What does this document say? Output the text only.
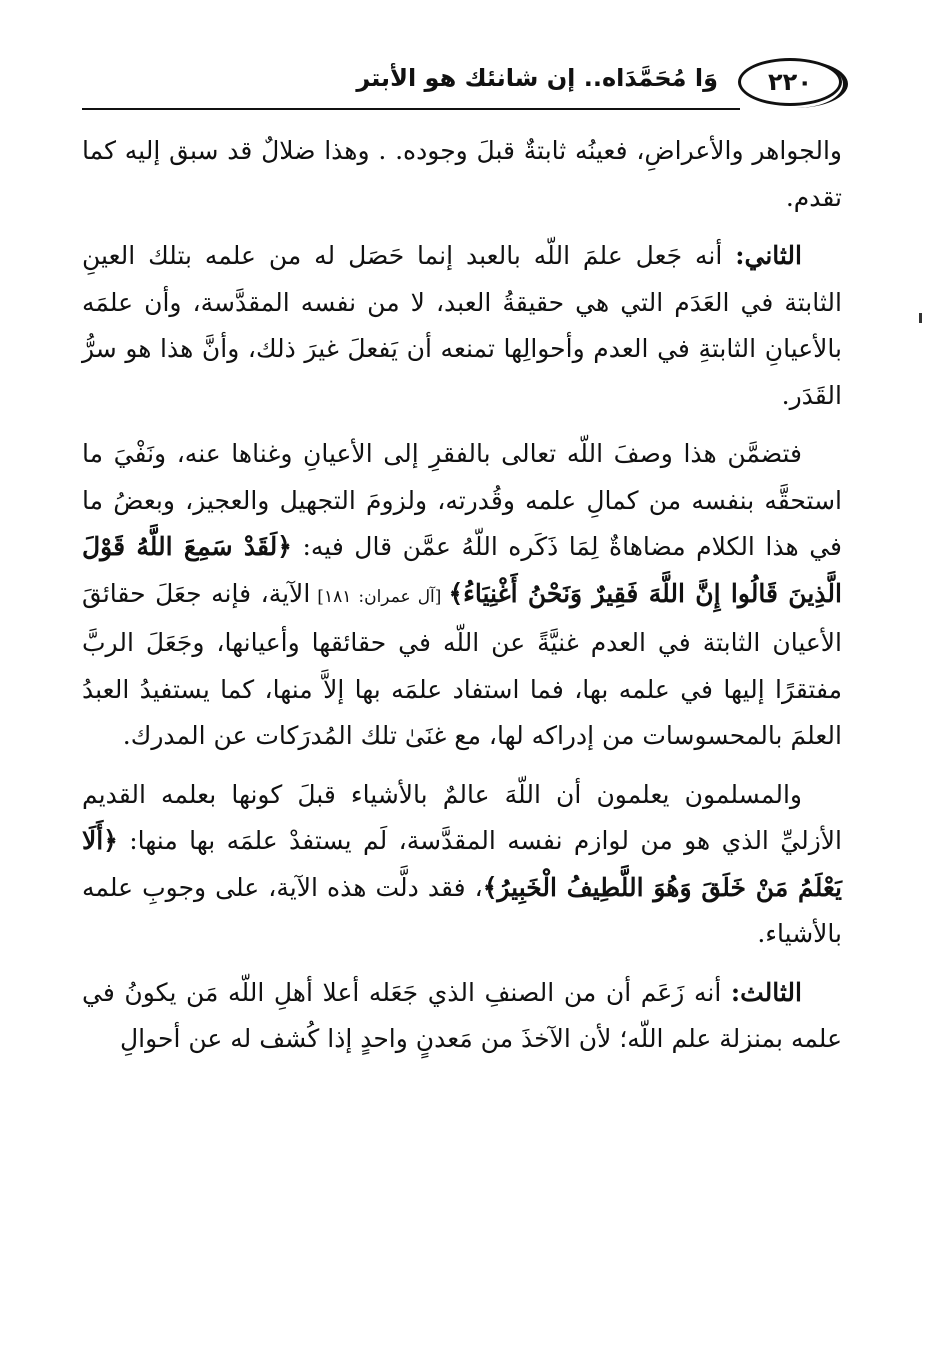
٢٢٠
وَا مُحَمَّدَاه.. إن شانئك هو الأبتر

والجواهر والأعراضِ، فعينُه ثابتةٌ قبلَ وجوده. . وهذا ضلالٌ قد سبق إليه كما تقدم.

الثاني: أنه جَعل علمَ اللّه بالعبد إنما حَصَل له من علمه بتلك العينِ الثابتة في العَدَم التي هي حقيقةُ العبد، لا من نفسه المقدَّسة، وأن علمَه بالأعيانِ الثابتةِ في العدم وأحوالِها تمنعه أن يَفعلَ غيرَ ذلك، وأنَّ هذا هو سرُّ القَدَر.

فتضمَّن هذا وصفَ اللّه تعالى بالفقرِ إلى الأعيانِ وغناها عنه، ونَفْيَ ما استحقَّه بنفسه من كمالِ علمه وقُدرته، ولزومَ التجهيل والعجيز، وبعضُ ما في هذا الكلام مضاهاةٌ لِمَا ذَكَره اللّهُ عمَّن قال فيه: ﴿لَقَدْ سَمِعَ اللَّهُ قَوْلَ الَّذِينَ قَالُوا إِنَّ اللَّهَ فَقِيرٌ وَنَحْنُ أَغْنِيَاءُ﴾ [آل عمران: ١٨١] الآية، فإنه جعَلَ حقائقَ الأعيان الثابتة في العدم غنيَّةً عن اللّه في حقائقها وأعيانها، وجَعَلَ الربَّ مفتقرًا إليها في علمه بها، فما استفاد علمَه بها إلاَّ منها، كما يستفيدُ العبدُ العلمَ بالمحسوسات من إدراكه لها، مع غنَىٰ تلك المُدرَكات عن المدرك.

والمسلمون يعلمون أن اللّهَ عالمٌ بالأشياء قبلَ كونها بعلمه القديم الأزليِّ الذي هو من لوازم نفسه المقدَّسة، لَم يستفدْ علمَه بها منها: ﴿أَلَا يَعْلَمُ مَنْ خَلَقَ وَهُوَ اللَّطِيفُ الْخَبِيرُ﴾، فقد دلَّت هذه الآية، على وجوبِ علمه بالأشياء.

الثالث: أنه زَعَم أن من الصنفِ الذي جَعَله أعلا أهلِ اللّه مَن يكونُ في علمه بمنزلة علم اللّه؛ لأن الآخذَ من مَعدنٍ واحدٍ إذا كُشف له عن أحوالِ
